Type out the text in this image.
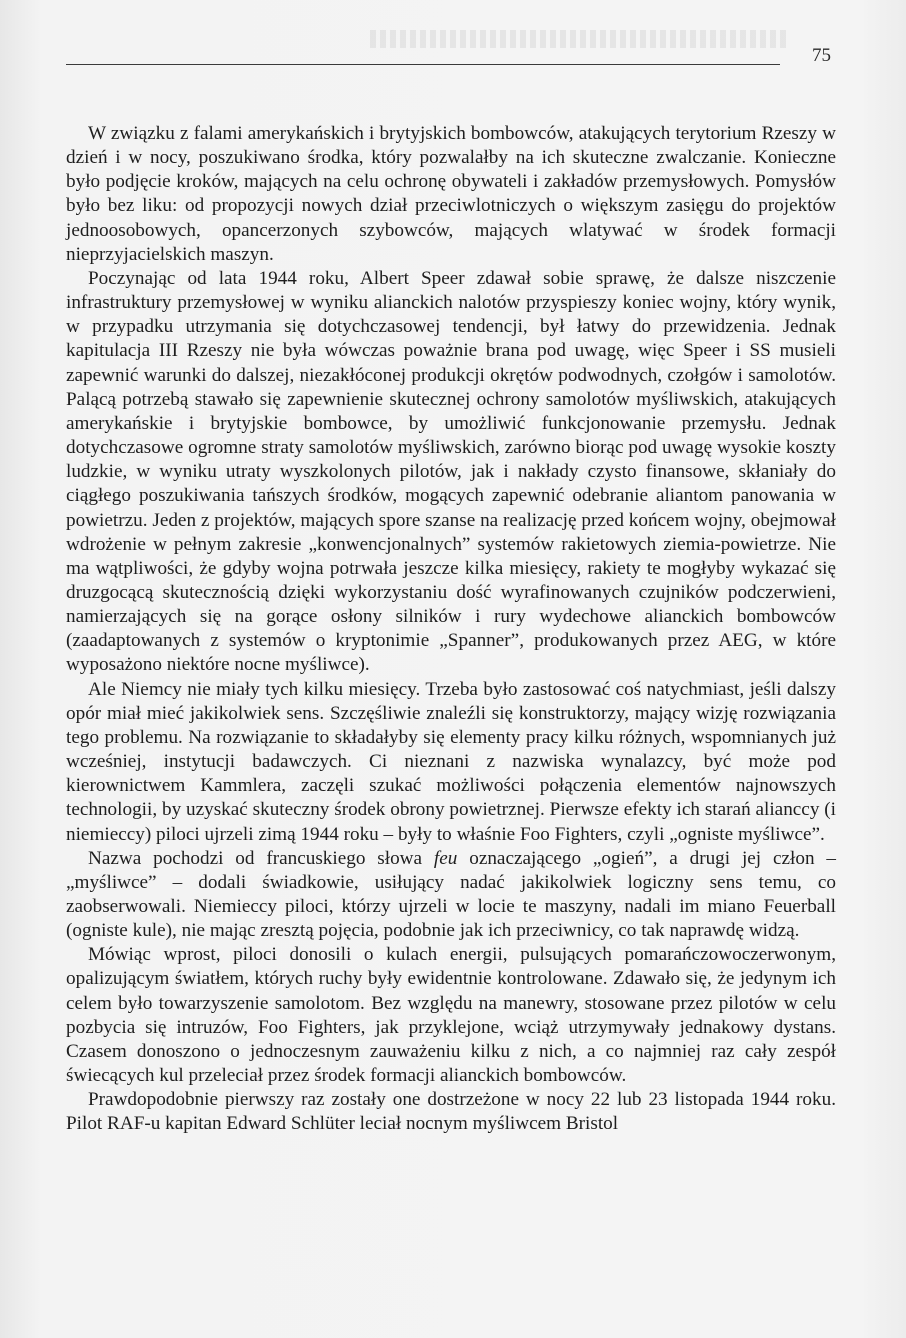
75

W związku z falami amerykańskich i brytyjskich bombowców, atakujących terytorium Rzeszy w dzień i w nocy, poszukiwano środka, który pozwalałby na ich skuteczne zwalczanie. Konieczne było podjęcie kroków, mających na celu ochronę obywateli i zakładów przemysłowych. Pomysłów było bez liku: od propozycji nowych dział przeciwlotniczych o większym zasięgu do projektów jednoosobowych, opancerzonych szybowców, mających wlatywać w środek formacji nieprzyjacielskich maszyn.

Poczynając od lata 1944 roku, Albert Speer zdawał sobie sprawę, że dalsze niszczenie infrastruktury przemysłowej w wyniku alianckich nalotów przyspieszy koniec wojny, który wynik, w przypadku utrzymania się dotychczasowej tendencji, był łatwy do przewidzenia. Jednak kapitulacja III Rzeszy nie była wówczas poważnie brana pod uwagę, więc Speer i SS musieli zapewnić warunki do dalszej, niezakłóconej produkcji okrętów podwodnych, czołgów i samolotów. Palącą potrzebą stawało się zapewnienie skutecznej ochrony samolotów myśliwskich, atakujących amerykańskie i brytyjskie bombowce, by umożliwić funkcjonowanie przemysłu. Jednak dotychczasowe ogromne straty samolotów myśliwskich, zarówno biorąc pod uwagę wysokie koszty ludzkie, w wyniku utraty wyszkolonych pilotów, jak i nakłady czysto finansowe, skłaniały do ciągłego poszukiwania tańszych środków, mogących zapewnić odebranie aliantom panowania w powietrzu. Jeden z projektów, mających spore szanse na realizację przed końcem wojny, obejmował wdrożenie w pełnym zakresie „konwencjonalnych” systemów rakietowych ziemia-powietrze. Nie ma wątpliwości, że gdyby wojna potrwała jeszcze kilka miesięcy, rakiety te mogłyby wykazać się druzgocącą skutecznością dzięki wykorzystaniu dość wyrafinowanych czujników podczerwieni, namierzających się na gorące osłony silników i rury wydechowe alianckich bombowców (zaadaptowanych z systemów o kryptonimie „Spanner”, produkowanych przez AEG, w które wyposażono niektóre nocne myśliwce).

Ale Niemcy nie miały tych kilku miesięcy. Trzeba było zastosować coś natychmiast, jeśli dalszy opór miał mieć jakikolwiek sens. Szczęśliwie znaleźli się konstruktorzy, mający wizję rozwiązania tego problemu. Na rozwiązanie to składałyby się elementy pracy kilku różnych, wspomnianych już wcześniej, instytucji badawczych. Ci nieznani z nazwiska wynalazcy, być może pod kierownictwem Kammlera, zaczęli szukać możliwości połączenia elementów najnowszych technologii, by uzyskać skuteczny środek obrony powietrznej. Pierwsze efekty ich starań alianccy (i niemieccy) piloci ujrzeli zimą 1944 roku – były to właśnie Foo Fighters, czyli „ogniste myśliwce”.

Nazwa pochodzi od francuskiego słowa feu oznaczającego „ogień”, a drugi jej człon – „myśliwce” – dodali świadkowie, usiłujący nadać jakikolwiek logiczny sens temu, co zaobserwowali. Niemieccy piloci, którzy ujrzeli w locie te maszyny, nadali im miano Feuerball (ogniste kule), nie mając zresztą pojęcia, podobnie jak ich przeciwnicy, co tak naprawdę widzą.

Mówiąc wprost, piloci donosili o kulach energii, pulsujących pomarańczowoczerwonym, opalizującym światłem, których ruchy były ewidentnie kontrolowane. Zdawało się, że jedynym ich celem było towarzyszenie samolotom. Bez względu na manewry, stosowane przez pilotów w celu pozbycia się intruzów, Foo Fighters, jak przyklejone, wciąż utrzymywały jednakowy dystans. Czasem donoszono o jednoczesnym zauważeniu kilku z nich, a co najmniej raz cały zespół świecących kul przeleciał przez środek formacji alianckich bombowców.

Prawdopodobnie pierwszy raz zostały one dostrzeżone w nocy 22 lub 23 listopada 1944 roku. Pilot RAF-u kapitan Edward Schlüter leciał nocnym myśliwcem Bristol
